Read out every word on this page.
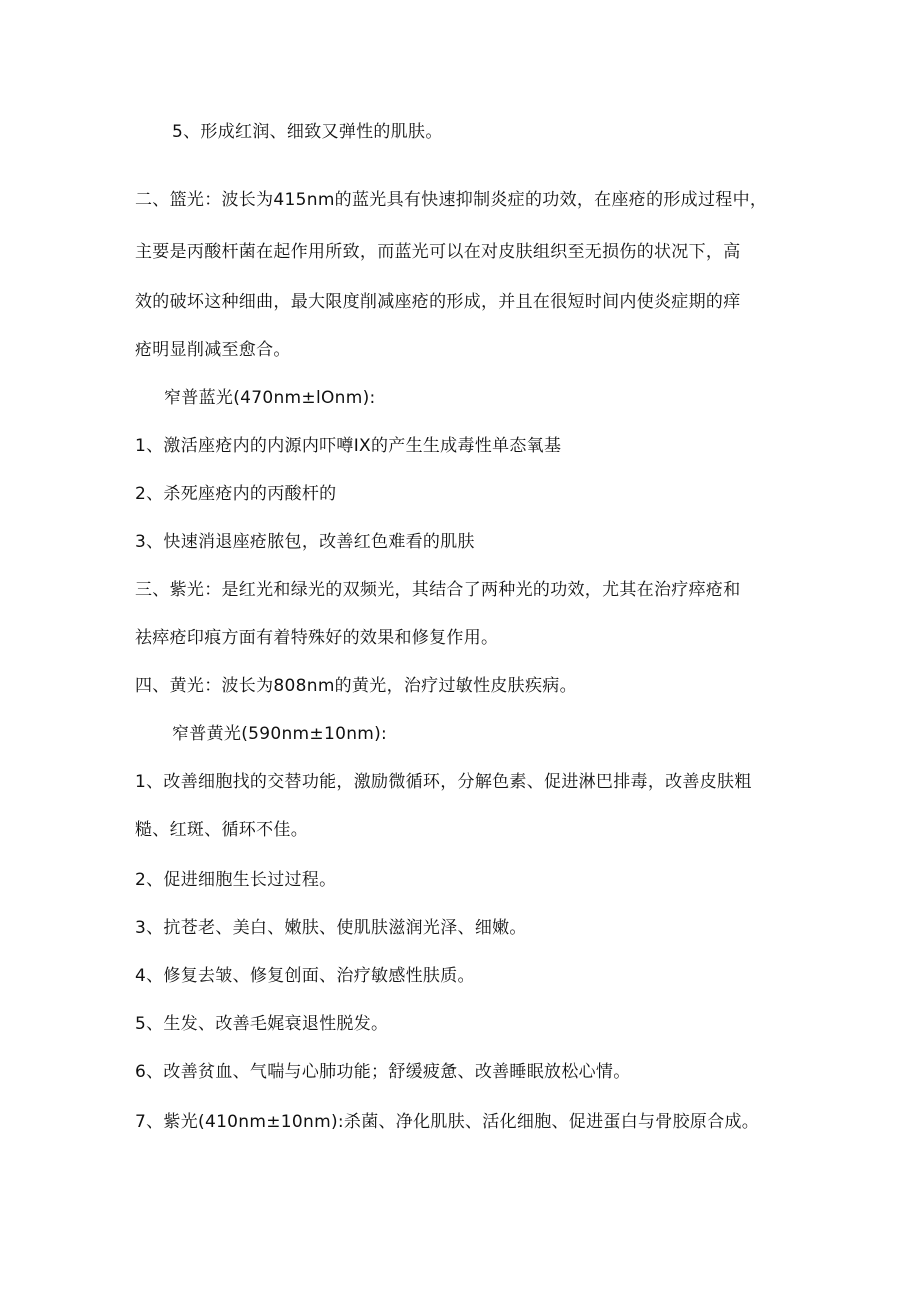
5、形成红润、细致又弹性的肌肤。
二、篮光：波长为415nm的蓝光具有快速抑制炎症的功效，在座疮的形成过程中，
主要是丙酸杆菌在起作用所致，而蓝光可以在对皮肤组织至无损伤的状况下，高
效的破坏这种细曲，最大限度削减座疮的形成，并且在很短时间内使炎症期的痒
疮明显削减至愈合。
窄普蓝光(470nm±lOnm):
1、激活座疮内的内源内吓噂IX的产生生成毒性单态氧基
2、杀死座疮内的丙酸杆的
3、快速消退座疮脓包，改善红色难看的肌肤
三、紫光：是红光和绿光的双频光，其结合了两种光的功效，尤其在治疗瘁疮和
祛瘁疮印痕方面有着特殊好的效果和修复作用。
四、黄光：波长为808nm的黄光，治疗过敏性皮肤疾病。
窄普黄光(590nm±10nm):
1、改善细胞找的交替功能，激励微循环，分解色素、促进淋巴排毒，改善皮肤粗
糙、红斑、循环不佳。
2、促进细胞生长过过程。
3、抗苍老、美白、嫩肤、使肌肤滋润光泽、细嫩。
4、修复去皱、修复创面、治疗敏感性肤质。
5、生发、改善毛娓衰退性脱发。
6、改善贫血、气喘与心肺功能；舒缓疲惫、改善睡眠放松心情。
7、紫光(410nm±10nm):杀菌、净化肌肤、活化细胞、促进蛋白与骨胶原合成。
